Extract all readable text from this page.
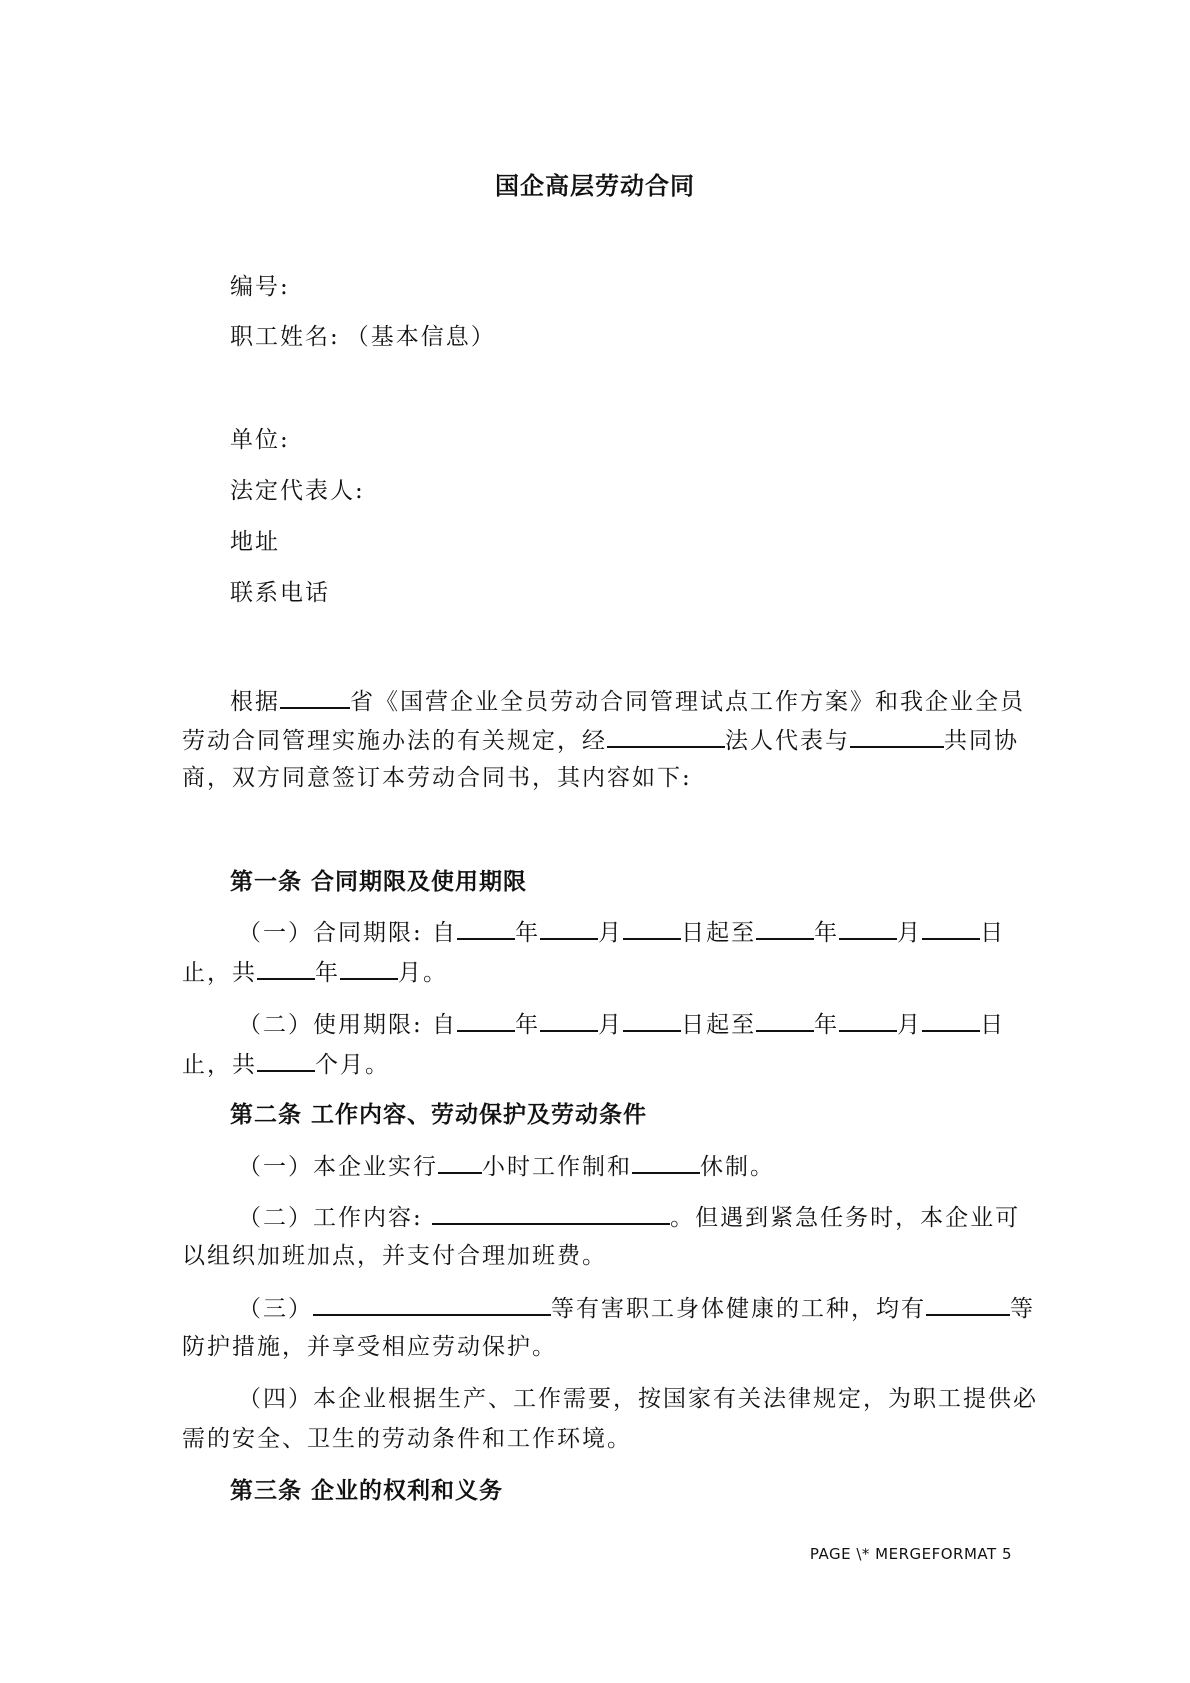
国企高层劳动合同
编号:
职工姓名: （基本信息）
单位:
法定代表人:
地址
联系电话
根据	省《国营企业全员劳动合同管理试点工作方案》和我企业全员
劳动合同管理实施办法的有关规定，经	法人代表与	共同协
商，双方同意签订本劳动合同书，其内容如下:
第一条 合同期限及使用期限
（一）合同期限: 自	年	月	日起至	年	月	日
止，共	年	月。
（二）使用期限: 自	年	月	日起至	年	月	日
止，共	个月。
第二条 工作内容、劳动保护及劳动条件
（一）本企业实行 小时工作制和	休制。
（二）工作内容:	。但遇到紧急任务时，本企业可
以组织加班加点，并支付合理加班费。
（三）	等有害职工身体健康的工种，均有	等
防护措施，并享受相应劳动保护。
（四）本企业根据生产、工作需要，按国家有关法律规定，为职工提供必
需的安全、卫生的劳动条件和工作环境。
第三条 企业的权利和义务
PAGE \* MERGEFORMAT 5
